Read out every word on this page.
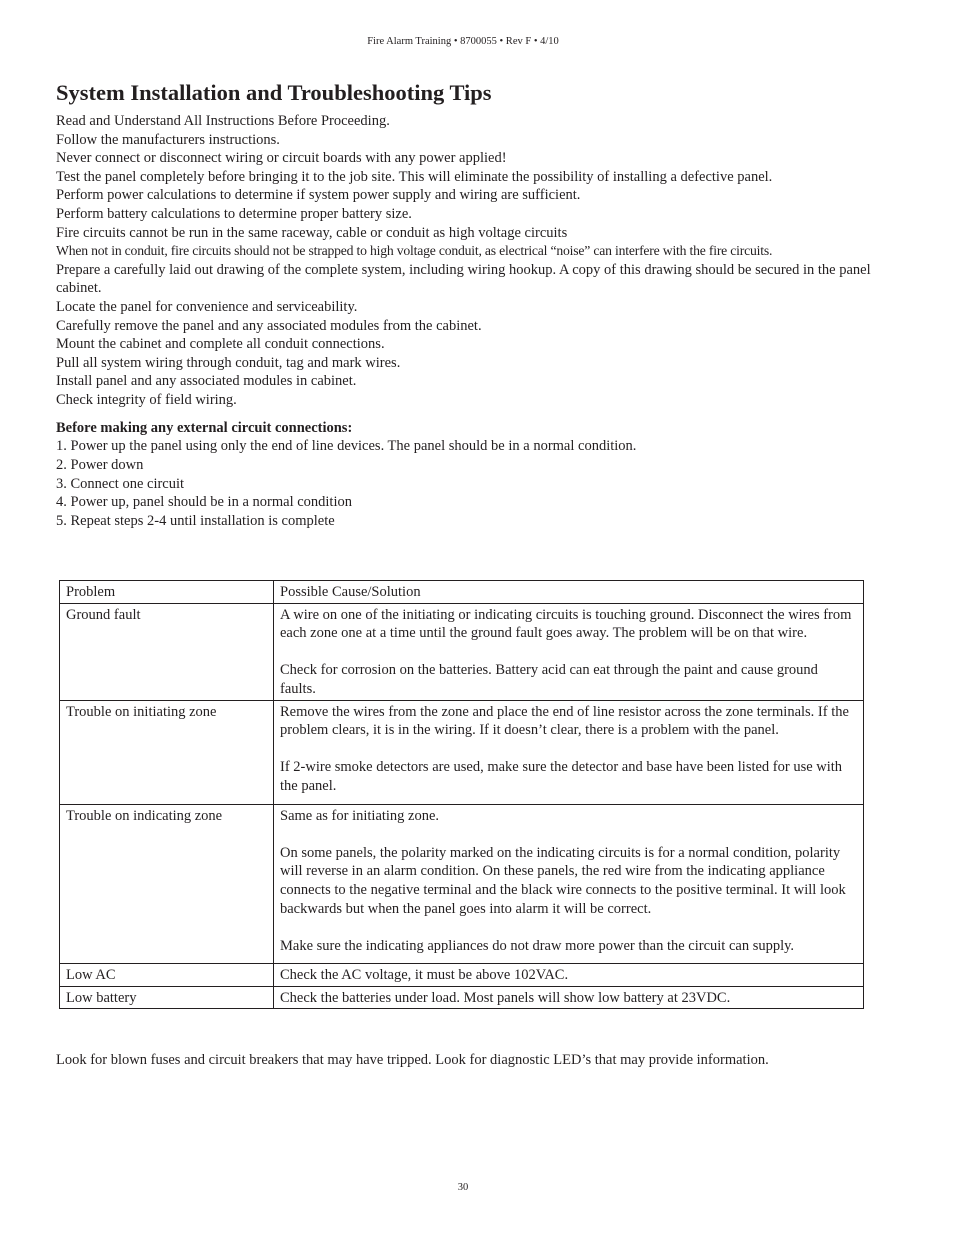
Fire Alarm Training • 8700055 • Rev F • 4/10
System Installation and Troubleshooting Tips
Read and Understand All Instructions Before Proceeding.
Follow the manufacturers instructions.
Never connect or disconnect wiring or circuit boards with any power applied!
Test the panel completely before bringing it to the job site. This will eliminate the possibility of installing a defective panel.
Perform power calculations to determine if system power supply and wiring are sufficient.
Perform battery calculations to determine proper battery size.
Fire circuits cannot be run in the same raceway, cable or conduit as high voltage circuits
When not in conduit, fire circuits should not be strapped to high voltage conduit, as electrical “noise” can interfere with the fire circuits.
Prepare a carefully laid out drawing of the complete system, including wiring hookup. A copy of this drawing should be secured in the panel cabinet.
Locate the panel for convenience and serviceability.
Carefully remove the panel and any associated modules from the cabinet.
Mount the cabinet and complete all conduit connections.
Pull all system wiring through conduit, tag and mark wires.
Install panel and any associated modules in cabinet.
Check integrity of field wiring.

Before making any external circuit connections:

1. Power up the panel using only the end of line devices. The panel should be in a normal condition.
2. Power down
3. Connect one circuit
4. Power up, panel should be in a normal condition
5. Repeat steps 2-4 until installation is complete
Problem	Possible Cause/Solution
Ground fault	A wire on one of the initiating or indicating circuits is touching ground. Disconnect the wires from each zone one at a time until the ground fault goes away. The problem will be on that wire.

Check for corrosion on the batteries. Battery acid can eat through the paint and cause ground faults.

Trouble on initiating zone	Remove the wires from the zone and place the end of line resistor across the zone terminals. If the problem clears, it is in the wiring. If it doesn’t clear, there is a problem with the panel.

If 2-wire smoke detectors are used, make sure the detector and base have been listed for use with the panel.

Trouble on indicating zone	Same as for initiating zone.

On some panels, the polarity marked on the indicating circuits is for a normal condition, polarity will reverse in an alarm condition. On these panels, the red wire from the indicating appliance connects to the negative terminal and the black wire connects to the positive terminal. It will look backwards but when the panel goes into alarm it will be correct.

Make sure the indicating appliances do not draw more power than the circuit can supply.

Low AC	Check the AC voltage, it must be above 102VAC.

Low battery	Check the batteries under load. Most panels will show low battery at 23VDC.

Look for blown fuses and circuit breakers that may have tripped. Look for diagnostic LED’s that may provide information.

30
